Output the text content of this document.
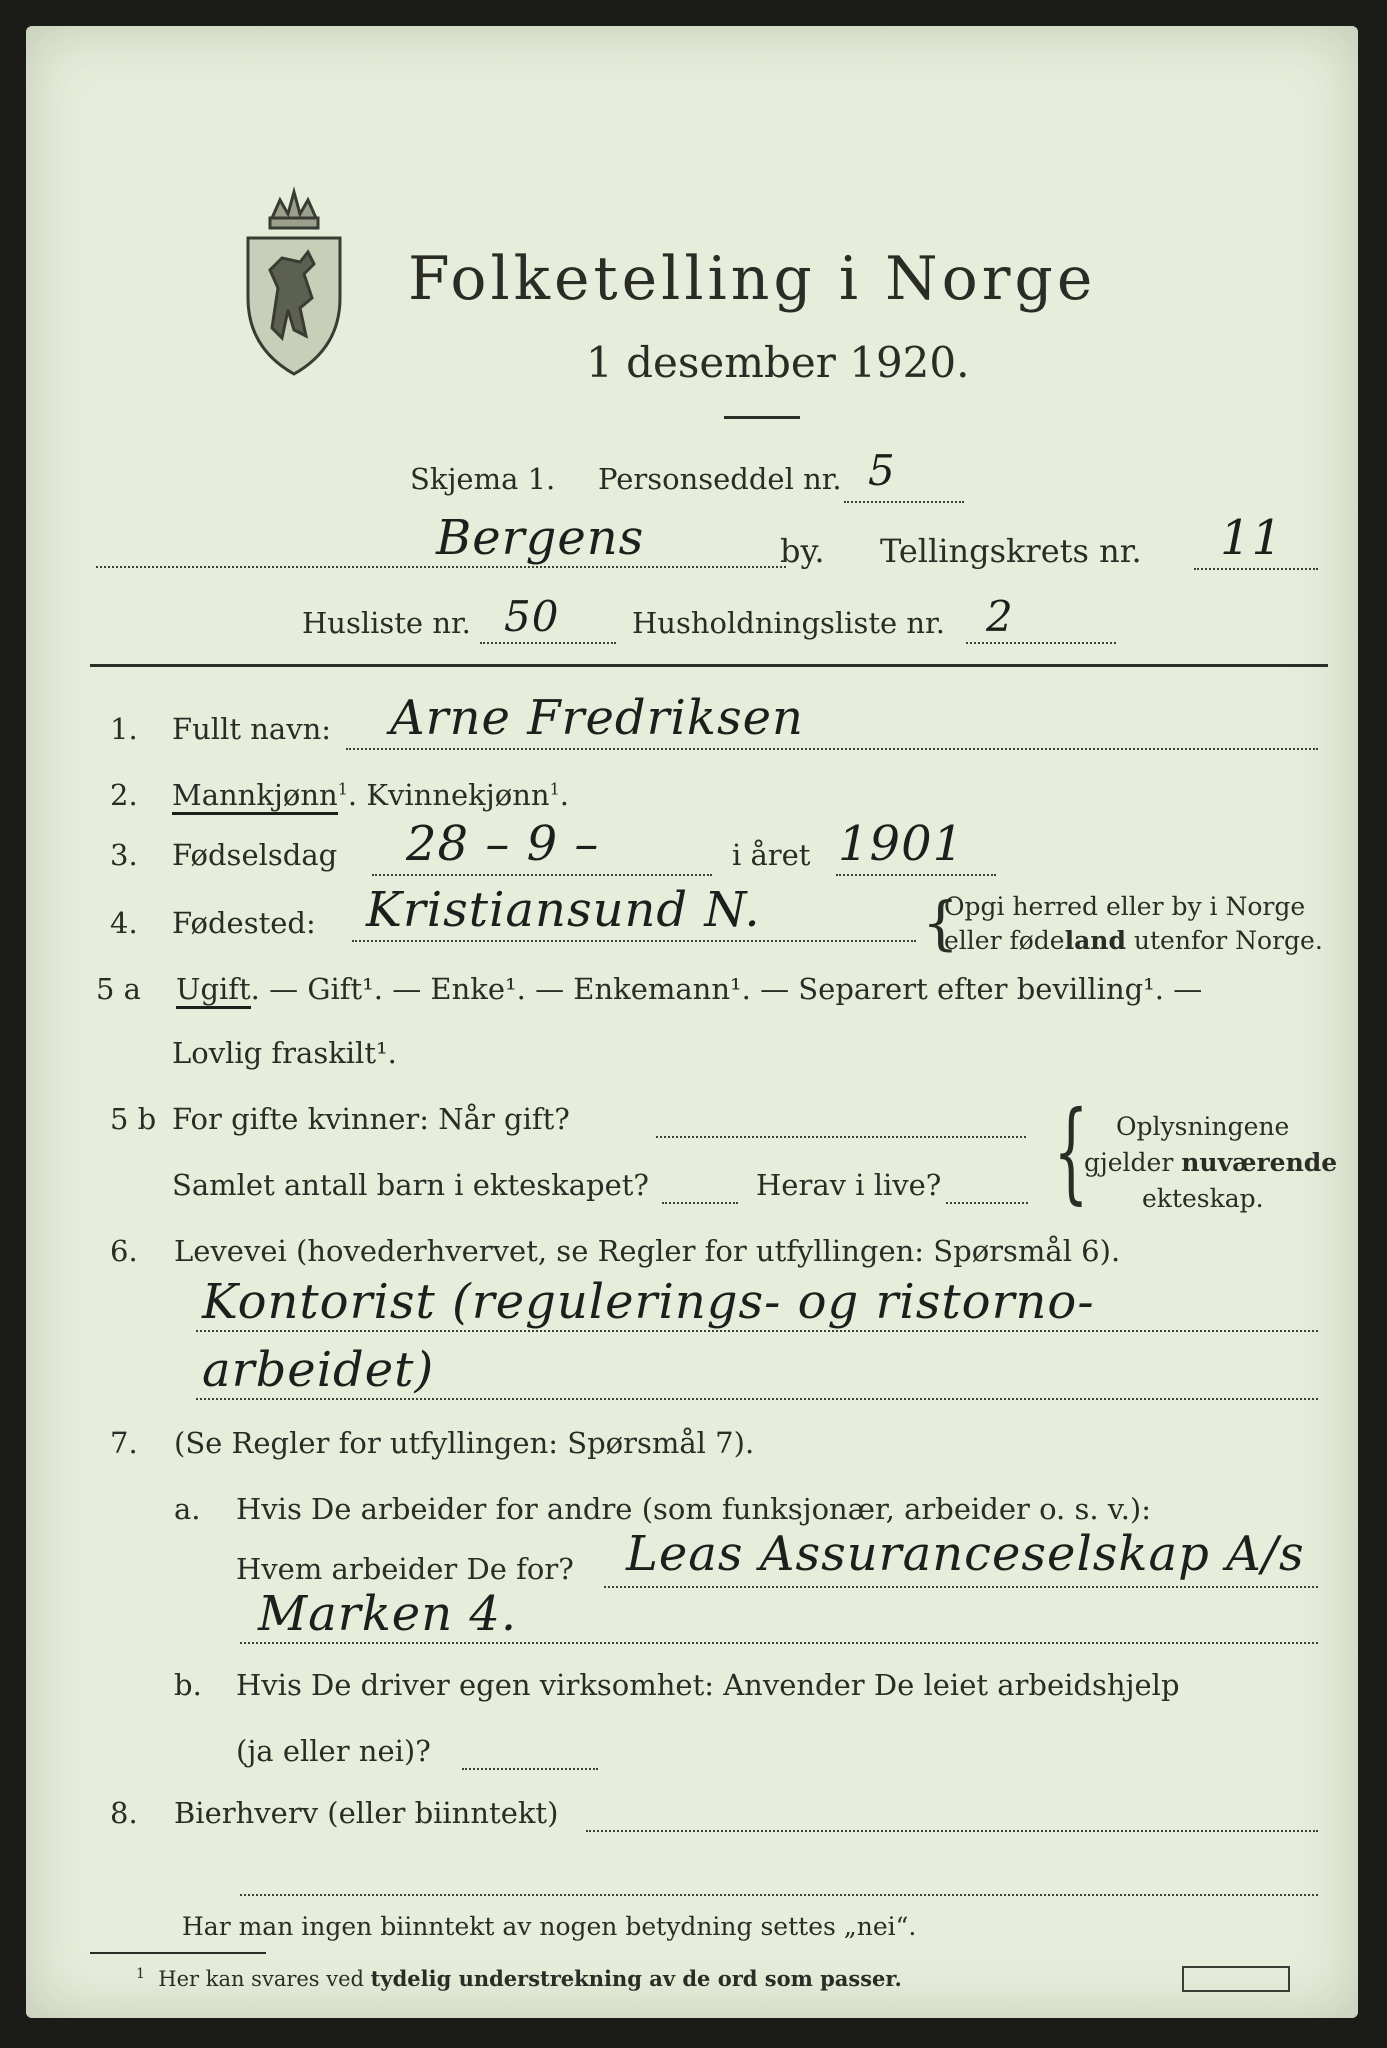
Folketelling i Norge
1 desember 1920.
Skjema 1. Personseddel nr. 5
Bergens	by. Tellingskrets nr. 11
Husliste nr. 50	Husholdningsliste nr. 2
1. Fullt navn: Arne Fredriksen
2. Mannkjønn$^1$. Kvinnekjønn$^1$.
3. Fødselsdag 28 – 9 –	i året 1901
4. Fødested: Kristiansund N.	{
Opgi herred eller by i Norge
eller fødeland utenfor Norge.
5 a Ugift. — Gift¹. — Enke¹. — Enkemann¹. — Separert efter bevilling¹. —
Lovlig fraskilt¹.
5 b For gifte kvinner: Når gift?
Samlet antall barn i ekteskapet?	Herav i live? { Oplysningene
gjelder nuværende
ekteskap.
6. Levevei (hovederhvervet, se Regler for utfyllingen: Spørsmål 6).
Kontorist (regulerings- og ristorno-
arbeidet)
7. (Se Regler for utfyllingen: Spørsmål 7).
a. Hvis De arbeider for andre (som funksjonær, arbeider o. s. v.):
Hvem arbeider De for? Leas Assuranceselskap A/s
Marken 4.
b. Hvis De driver egen virksomhet: Anvender De leiet arbeidshjelp
(ja eller nei)?
8. Bierhverv (eller biinntekt)
Har man ingen biinntekt av nogen betydning settes „nei“.
$^1$ Her kan svares ved tydelig understrekning av de ord som passer.
